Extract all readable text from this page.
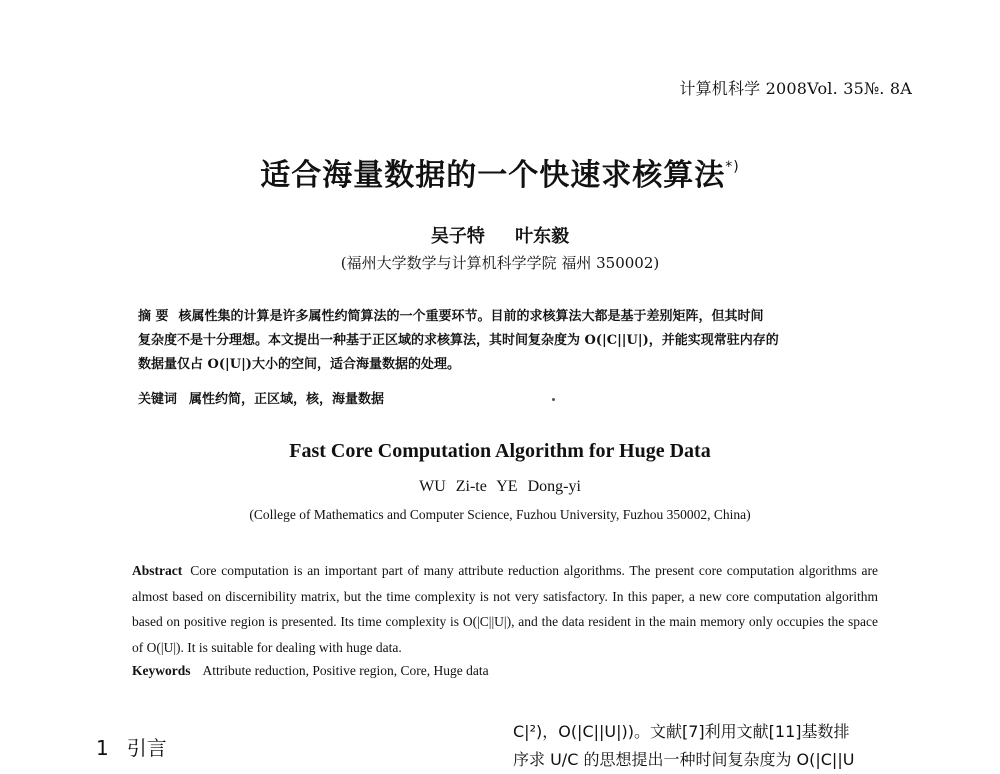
计算机科学 2008Vol. 35№. 8A
适合海量数据的一个快速求核算法*)
吴子特 叶东毅
(福州大学数学与计算机科学学院 福州 350002)
摘 要 核属性集的计算是许多属性约简算法的一个重要环节。目前的求核算法大都是基于差别矩阵，但其时间
复杂度不是十分理想。本文提出一种基于正区域的求核算法，其时间复杂度为 O(|C||U|)，并能实现常驻内存的
数据量仅占 O(|U|)大小的空间，适合海量数据的处理。
关键词 属性约简，正区域，核，海量数据
Fast Core Computation Algorithm for Huge Data
WU Zi-te YE Dong-yi
(College of Mathematics and Computer Science, Fuzhou University, Fuzhou 350002, China)
Abstract Core computation is an important part of many attribute reduction algorithms. The present core computation algorithms are almost based on discernibility matrix, but the time complexity is not very satisfactory. In this paper, a new core computation algorithm based on positive region is presented. Its time complexity is O(|C||U|), and the data resident in the main memory only occupies the space of O(|U|). It is suitable for dealing with huge data.
Keywords Attribute reduction, Positive region, Core, Huge data
1 引言
C|²)，O(|C||U|))。文献[7]利用文献[11]基数排
序求 U/C 的思想提出一种时间复杂度为 O(|C||U
